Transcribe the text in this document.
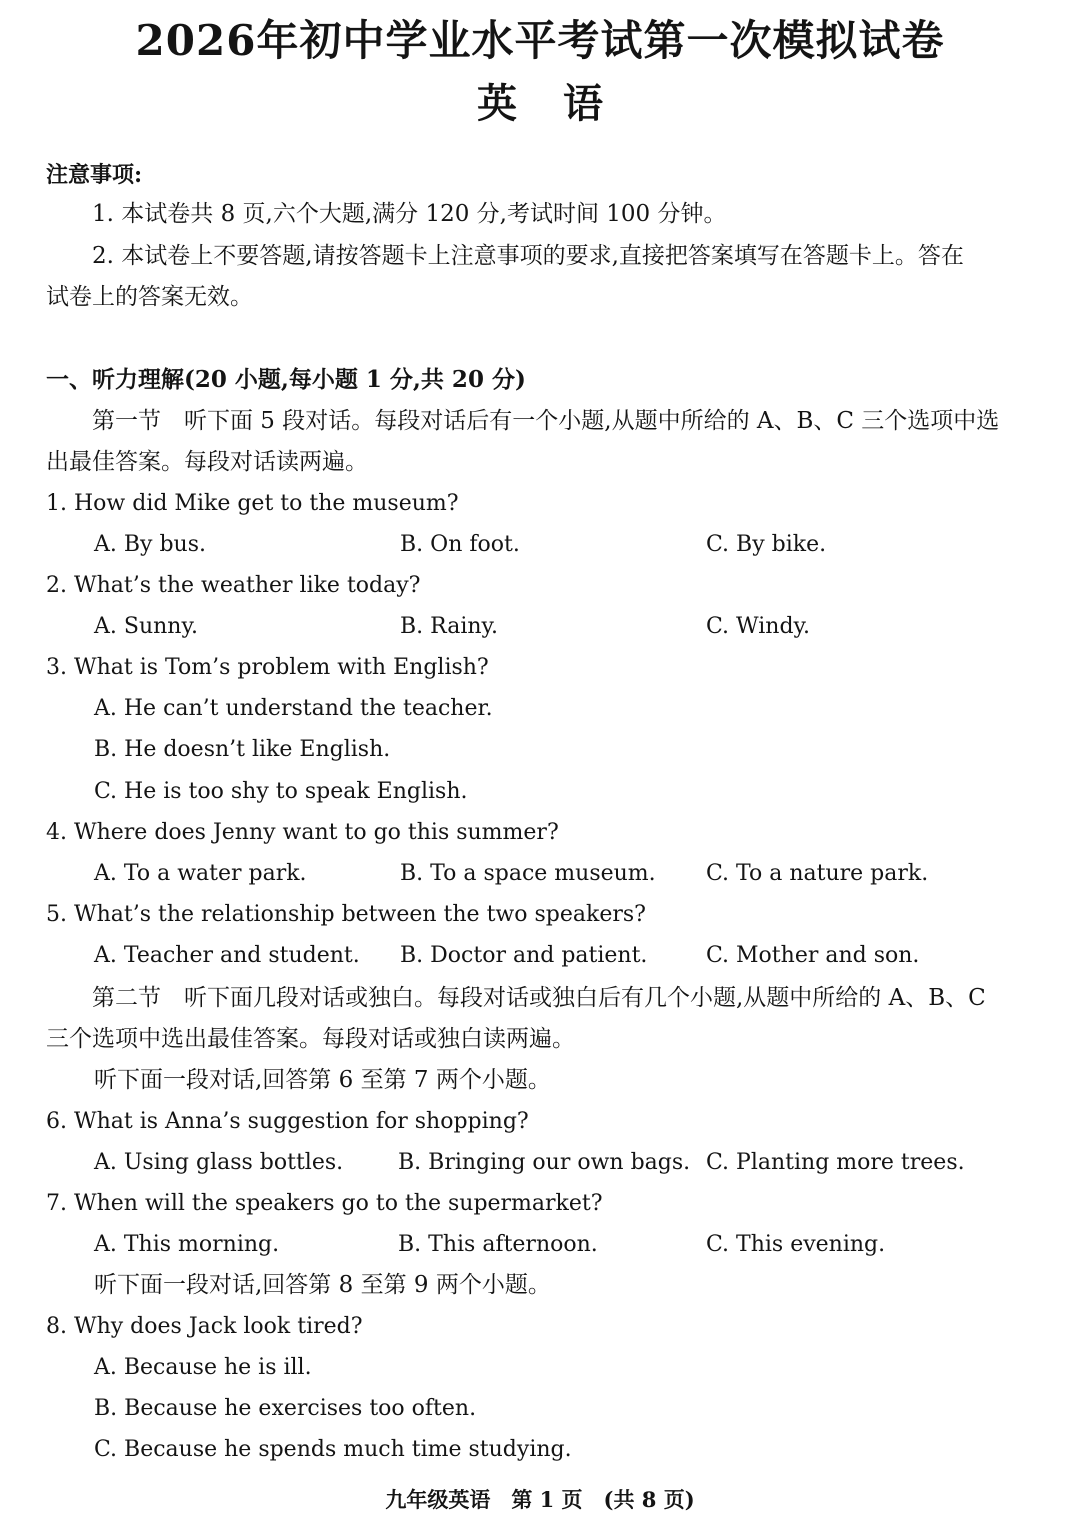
2026年初中学业水平考试第一次模拟试卷
英语
注意事项:
1. 本试卷共 8 页,六个大题,满分 120 分,考试时间 100 分钟。
2. 本试卷上不要答题,请按答题卡上注意事项的要求,直接把答案填写在答题卡上。答在
试卷上的答案无效。
一、听力理解(20 小题,每小题 1 分,共 20 分)
第一节　听下面 5 段对话。每段对话后有一个小题,从题中所给的 A、B、C 三个选项中选
出最佳答案。每段对话读两遍。
1. How did Mike get to the museum?
A. By bus.	B. On foot.	C. By bike.
2. What’s the weather like today?
A. Sunny.	B. Rainy.	C. Windy.
3. What is Tom’s problem with English?
A. He can’t understand the teacher.
B. He doesn’t like English.
C. He is too shy to speak English.
4. Where does Jenny want to go this summer?
A. To a water park.	B. To a space museum. C. To a nature park.
5. What’s the relationship between the two speakers?
A. Teacher and student. B. Doctor and patient.	C. Mother and son.
第二节　听下面几段对话或独白。每段对话或独白后有几个小题,从题中所给的 A、B、C
三个选项中选出最佳答案。每段对话或独白读两遍。
听下面一段对话,回答第 6 至第 7 两个小题。
6. What is Anna’s suggestion for shopping?
A. Using glass bottles. B. Bringing our own bags. C. Planting more trees.
7. When will the speakers go to the supermarket?
A. This morning.	B. This afternoon.	C. This evening.
听下面一段对话,回答第 8 至第 9 两个小题。
8. Why does Jack look tired?
A. Because he is ill.
B. Because he exercises too often.
C. Because he spends much time studying.
九年级英语　第 1 页　(共 8 页)
